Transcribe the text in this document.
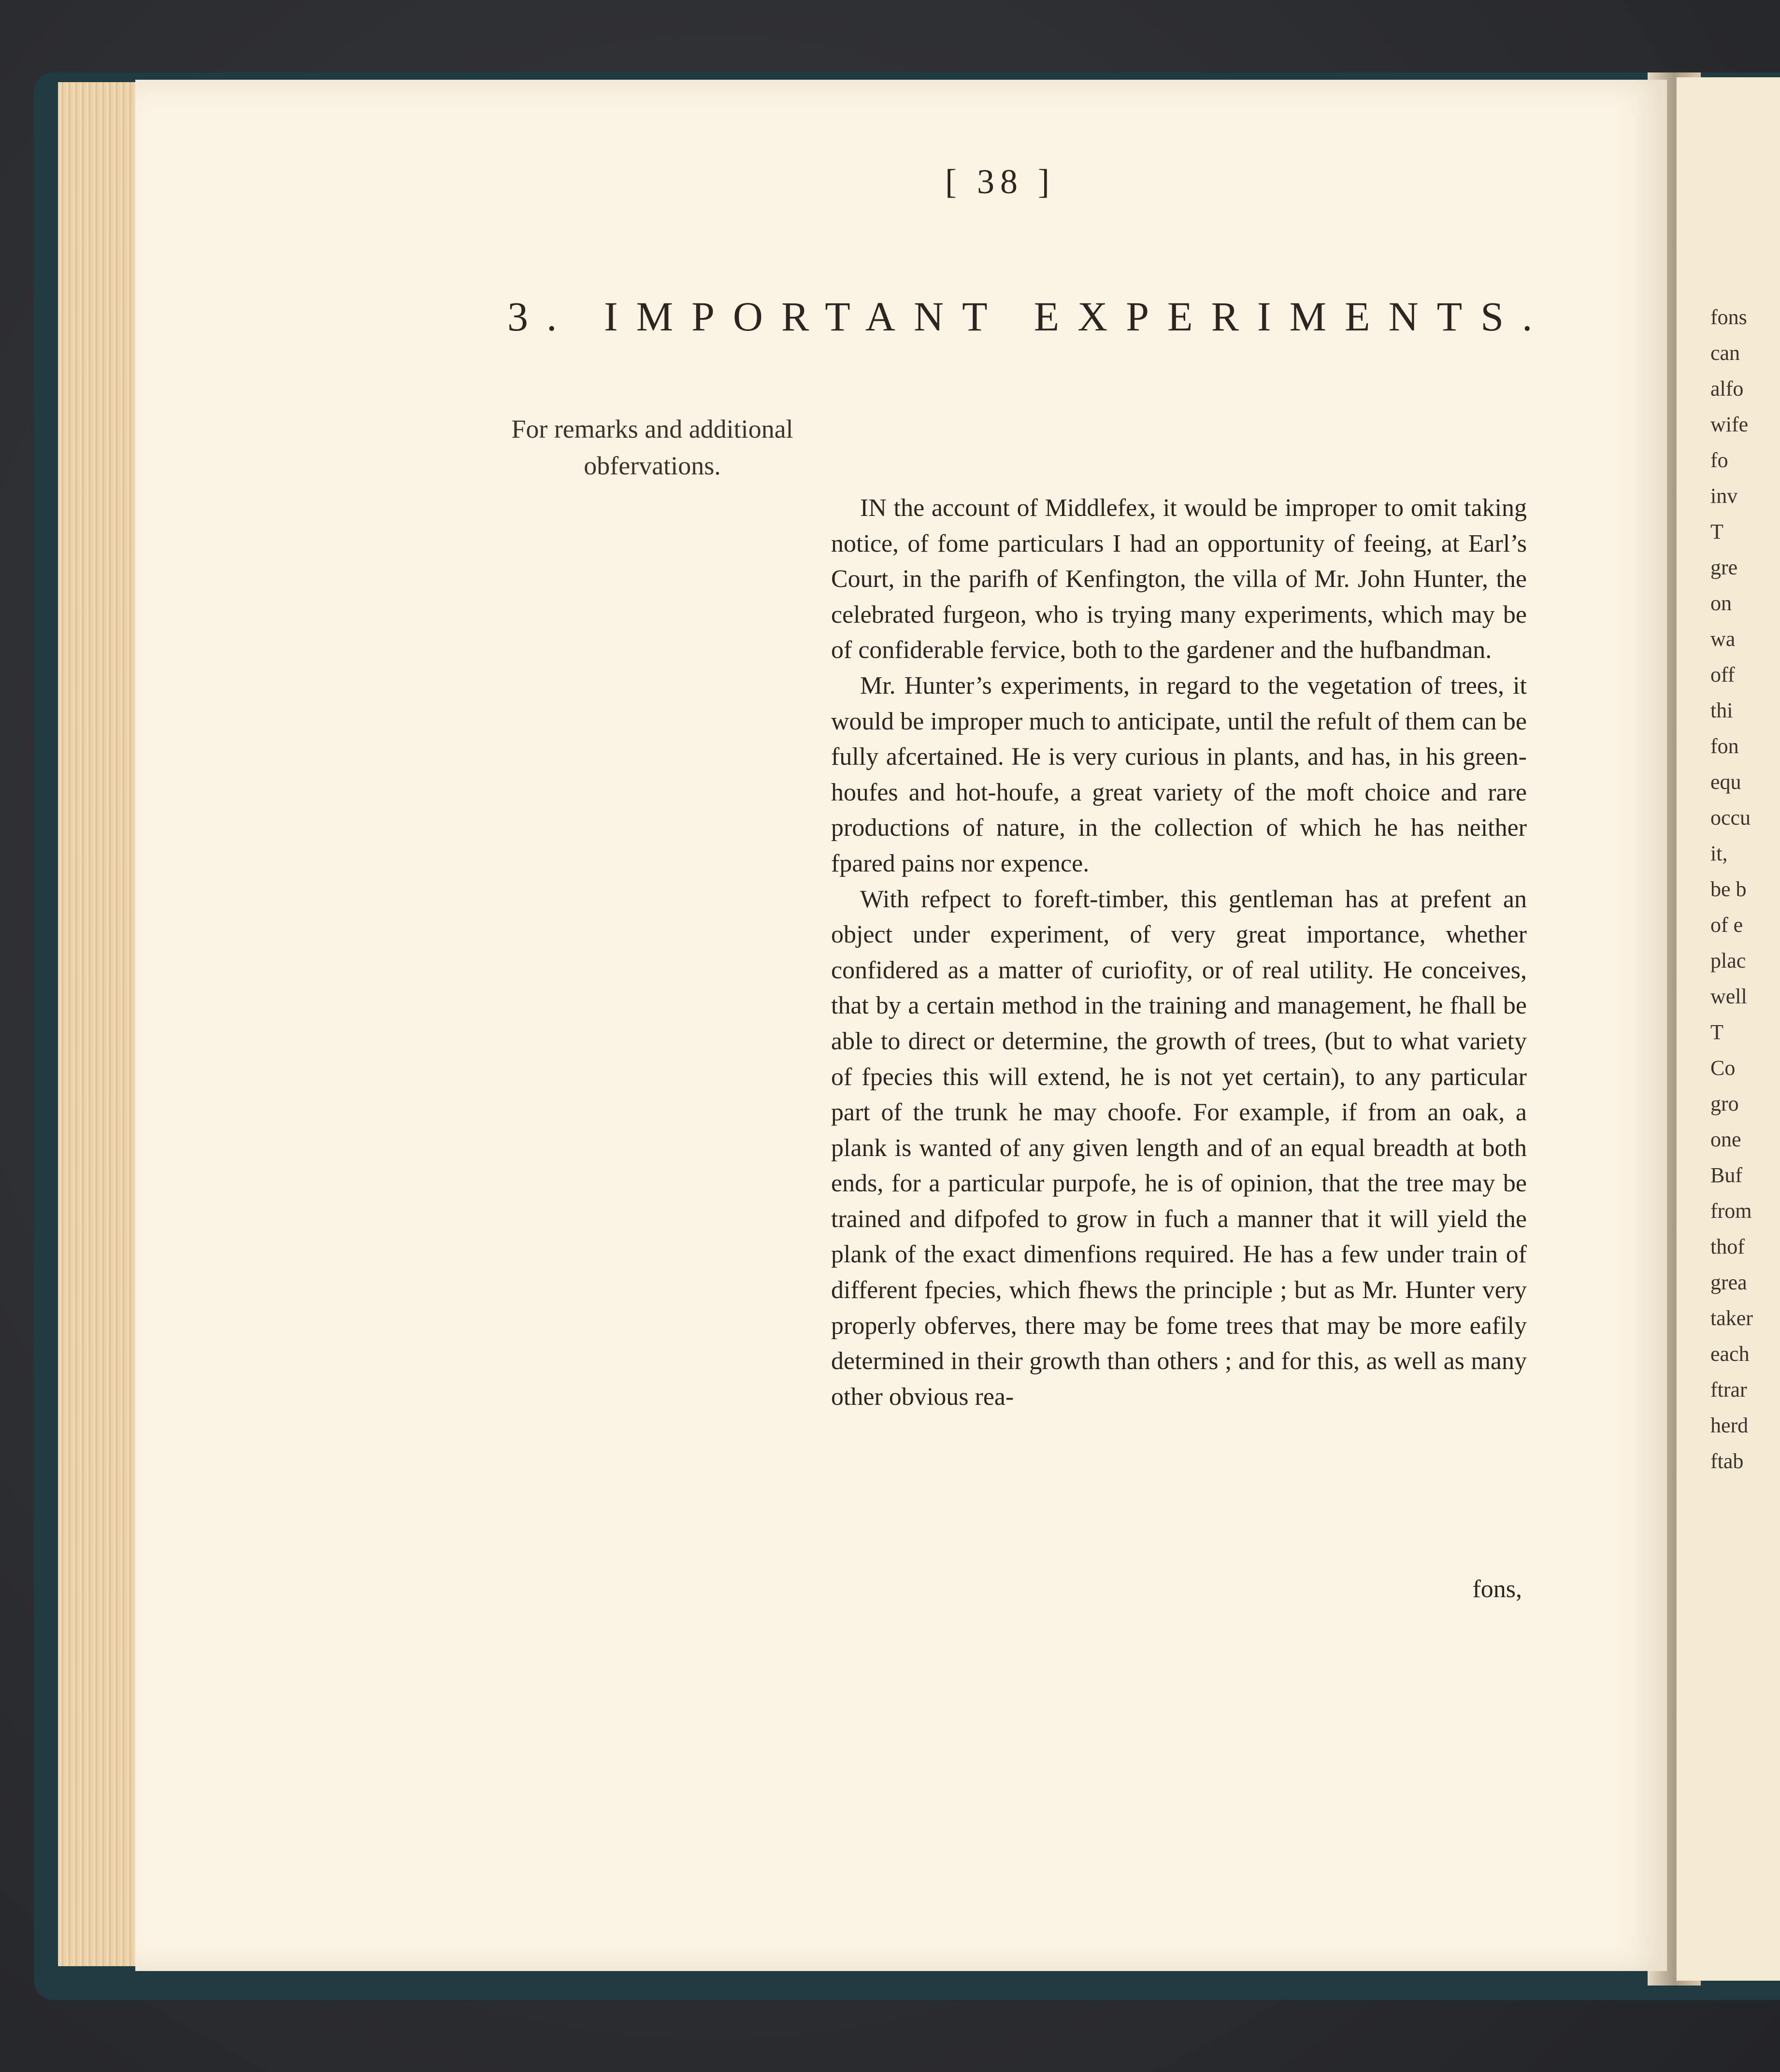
[ 38 ]
3. IMPORTANT EXPERIMENTS.
For remarks and additional obfervations.

IN the account of Middlefex, it would be improper to omit taking notice, of fome particulars I had an opportunity of feeing, at Earl’s Court, in the parifh of Kenfington, the villa of Mr. John Hunter, the celebrated furgeon, who is trying many experiments, which may be of confiderable fervice, both to the gardener and the hufbandman.

Mr. Hunter’s experiments, in regard to the vegetation of trees, it would be improper much to anticipate, until the refult of them can be fully afcertained. He is very curious in plants, and has, in his green-houfes and hot-houfe, a great variety of the moft choice and rare productions of nature, in the collection of which he has neither fpared pains nor expence.

With refpect to foreft-timber, this gentleman has at prefent an object under experiment, of very great importance, whether confidered as a matter of curiofity, or of real utility. He conceives, that by a certain method in the training and management, he fhall be able to direct or determine, the growth of trees, (but to what variety of fpecies this will extend, he is not yet certain), to any particular part of the trunk he may choofe. For example, if from an oak, a plank is wanted of any given length and of an equal breadth at both ends, for a particular purpofe, he is of opinion, that the tree may be trained and difpofed to grow in fuch a manner that it will yield the plank of the exact dimenfions required. He has a few under train of different fpecies, which fhews the principle ; but as Mr. Hunter very properly obferves, there may be fome trees that may be more eafily determined in their growth than others ; and for this, as well as many other obvious rea-

fons,
fons
can
alfo
wife
fo
inv
T
gre
on
wa
off
thi
fon
equ
occu
it,
be b
of e
plac
well
T
Co
gro
one
Buf
from
thof
grea
taker
each
ftrar
herd
ftab
